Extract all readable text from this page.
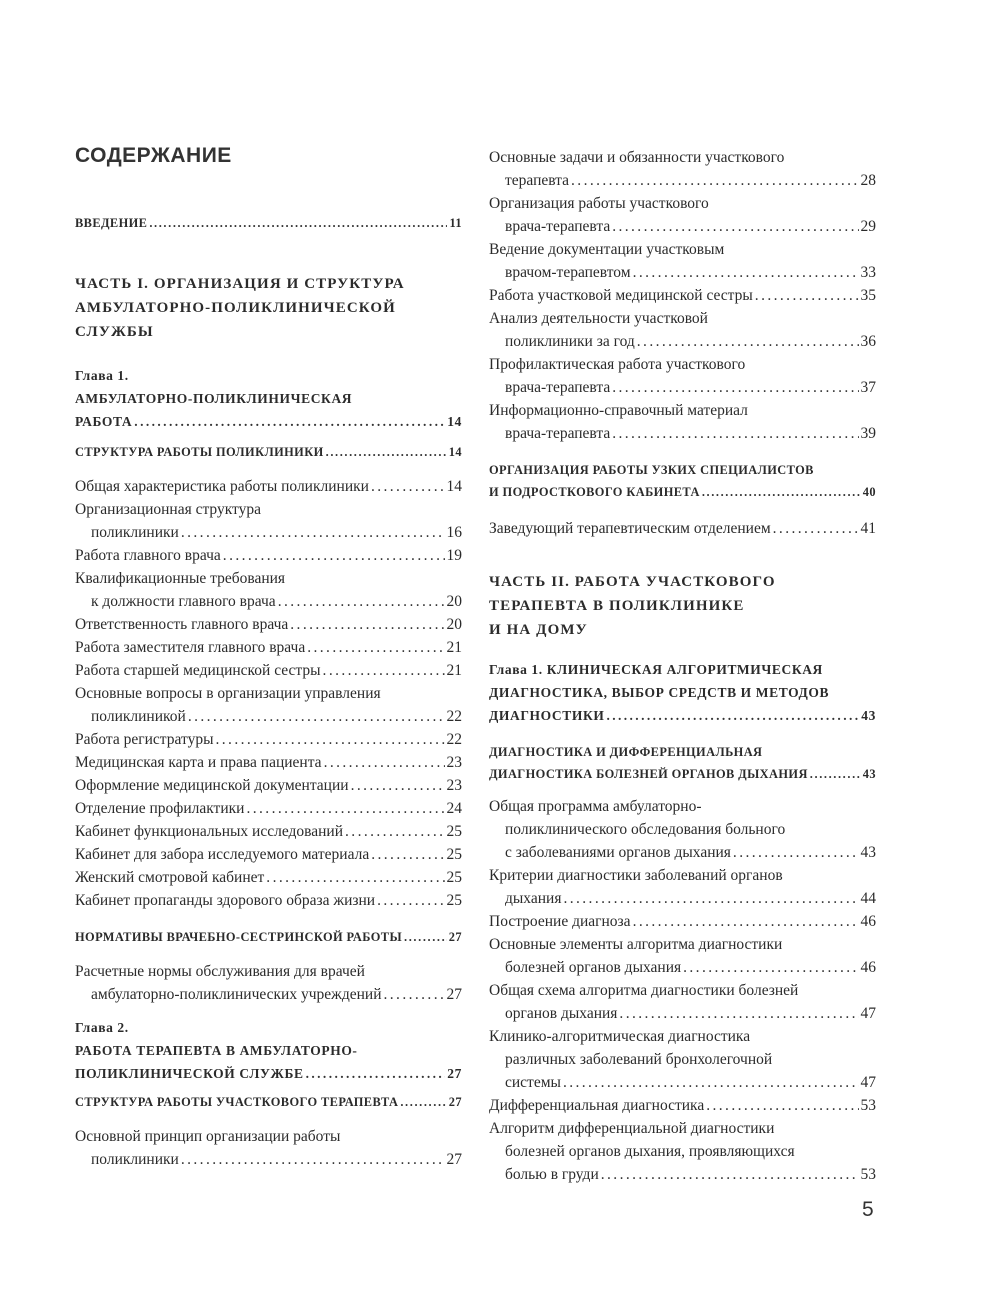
СОДЕРЖАНИЕ
ВВЕДЕНИЕ .....	11
ЧАСТЬ I. ОРГАНИЗАЦИЯ И СТРУКТУРА
АМБУЛАТОРНО-ПОЛИКЛИНИЧЕСКОЙ
СЛУЖБЫ
Глава 1.
АМБУЛАТОРНО-ПОЛИКЛИНИЧЕСКАЯ
РАБОТА .....	14
СТРУКТУРА РАБОТЫ ПОЛИКЛИНИКИ .....	14
Общая характеристика работы поликлиники .....	14
Организационная структура
поликлиники .....	16
Работа главного врача .....	19
Квалификационные требования
к должности главного врача .....	20
Ответственность главного врача .....	20
Работа заместителя главного врача .....	21
Работа старшей медицинской сестры .....	21
Основные вопросы в организации управления
поликлиникой .....	22
Работа регистратуры .....	22
Медицинская карта и права пациента .....	23
Оформление медицинской документации .....	23
Отделение профилактики .....	24
Кабинет функциональных исследований .....	25
Кабинет для забора исследуемого материала .....	25
Женский смотровой кабинет .....	25
Кабинет пропаганды здорового образа жизни .....	25
НОРМАТИВЫ ВРАЧЕБНО-СЕСТРИНСКОЙ РАБОТЫ .....	27
Расчетные нормы обслуживания для врачей
амбулаторно-поликлинических учреждений .....	27
Глава 2.
РАБОТА ТЕРАПЕВТА В АМБУЛАТОРНО-
ПОЛИКЛИНИЧЕСКОЙ СЛУЖБЕ .....	27
СТРУКТУРА РАБОТЫ УЧАСТКОВОГО ТЕРАПЕВТА .....	27
Основной принцип организации работы
поликлиники .....	27
Основные задачи и обязанности участкового
терапевта .....	28
Организация работы участкового
врача-терапевта .....	29
Ведение документации участковым
врачом-терапевтом .....	33
Работа участковой медицинской сестры .....	35
Анализ деятельности участковой
поликлиники за год .....	36
Профилактическая работа участкового
врача-терапевта .....	37
Информационно-справочный материал
врача-терапевта .....	39
ОРГАНИЗАЦИЯ РАБОТЫ УЗКИХ СПЕЦИАЛИСТОВ
И ПОДРОСТКОВОГО КАБИНЕТА .....	40
Заведующий терапевтическим отделением .....	41
ЧАСТЬ II. РАБОТА УЧАСТКОВОГО
ТЕРАПЕВТА В ПОЛИКЛИНИКЕ
И НА ДОМУ
Глава 1. КЛИНИЧЕСКАЯ АЛГОРИТМИЧЕСКАЯ
ДИАГНОСТИКА, ВЫБОР СРЕДСТВ И МЕТОДОВ
ДИАГНОСТИКИ .....	43
ДИАГНОСТИКА И ДИФФЕРЕНЦИАЛЬНАЯ
ДИАГНОСТИКА БОЛЕЗНЕЙ ОРГАНОВ ДЫХАНИЯ .....	43
Общая программа амбулаторно-
поликлинического обследования больного
с заболеваниями органов дыхания .....	43
Критерии диагностики заболеваний органов
дыхания .....	44
Построение диагноза .....	46
Основные элементы алгоритма диагностики
болезней органов дыхания .....	46
Общая схема алгоритма диагностики болезней
органов дыхания .....	47
Клинико-алгоритмическая диагностика
различных заболеваний бронхолегочной
системы .....	47
Дифференциальная диагностика .....	53
Алгоритм дифференциальной диагностики
болезней органов дыхания, проявляющихся
болью в груди .....	53
5
